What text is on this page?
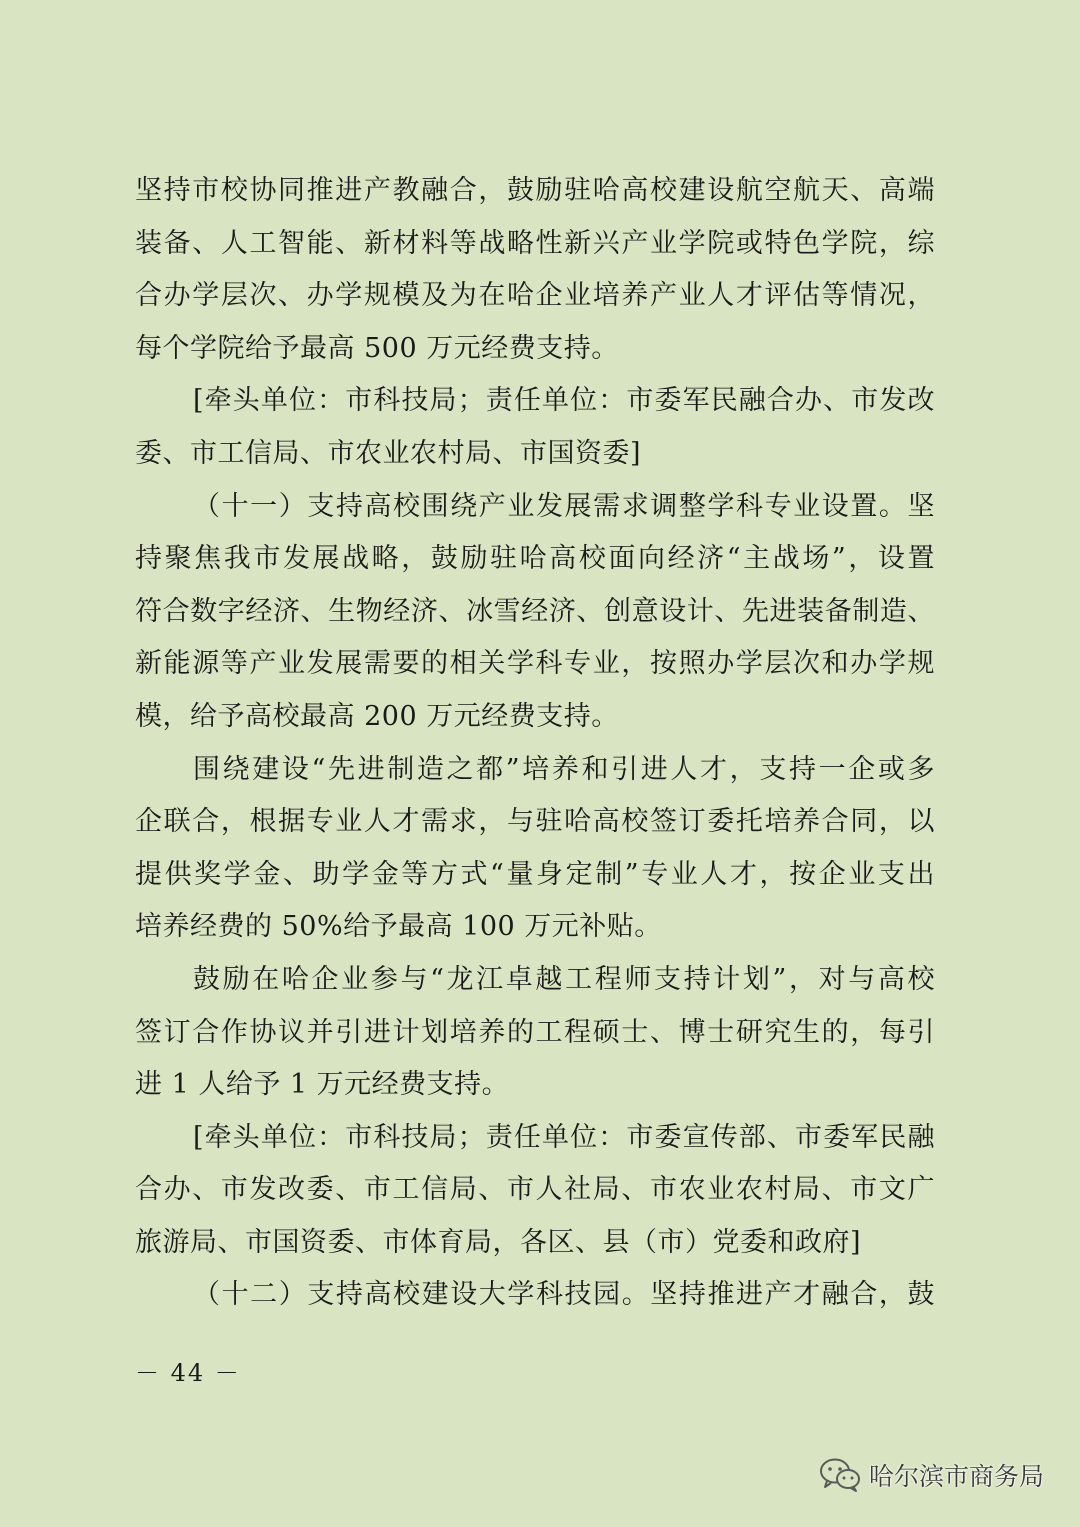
坚持市校协同推进产教融合，鼓励驻哈高校建设航空航天、高端
装备、人工智能、新材料等战略性新兴产业学院或特色学院，综
合办学层次、办学规模及为在哈企业培养产业人才评估等情况，
每个学院给予最高 500 万元经费支持。
[牵头单位：市科技局；责任单位：市委军民融合办、市发改
委、市工信局、市农业农村局、市国资委]
（十一）支持高校围绕产业发展需求调整学科专业设置。坚
持聚焦我市发展战略，鼓励驻哈高校面向经济“主战场”，设置
符合数字经济、生物经济、冰雪经济、创意设计、先进装备制造、
新能源等产业发展需要的相关学科专业，按照办学层次和办学规
模，给予高校最高 200 万元经费支持。
围绕建设“先进制造之都”培养和引进人才，支持一企或多
企联合，根据专业人才需求，与驻哈高校签订委托培养合同，以
提供奖学金、助学金等方式“量身定制”专业人才，按企业支出
培养经费的 50%给予最高 100 万元补贴。
鼓励在哈企业参与“龙江卓越工程师支持计划”，对与高校
签订合作协议并引进计划培养的工程硕士、博士研究生的，每引
进 1 人给予 1 万元经费支持。
[牵头单位：市科技局；责任单位：市委宣传部、市委军民融
合办、市发改委、市工信局、市人社局、市农业农村局、市文广
旅游局、市国资委、市体育局，各区、县（市）党委和政府]
（十二）支持高校建设大学科技园。坚持推进产才融合，鼓
－ 44 －
哈尔滨市商务局
